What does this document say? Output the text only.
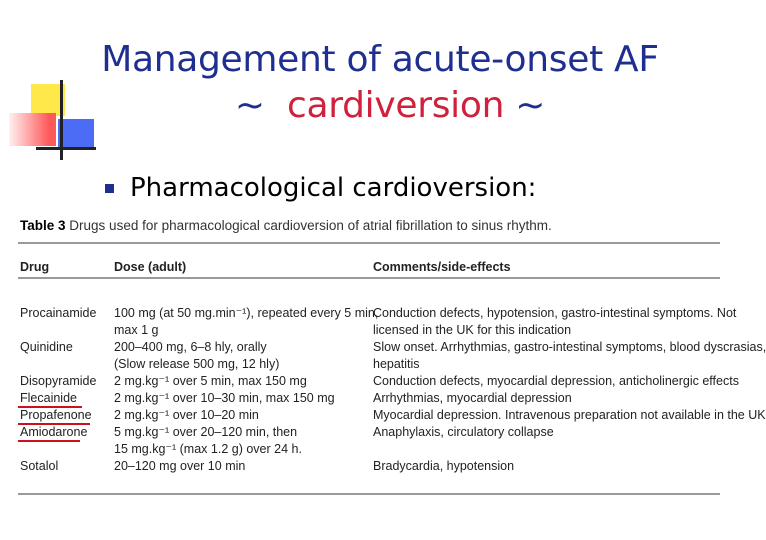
Management of acute-onset AF
~ cardiversion ~
Pharmacological cardioversion:
Table 3 Drugs used for pharmacological cardioversion of atrial fibrillation to sinus rhythm.
Drug	Dose (adult)	Comments/side-effects
Procainamide
Quinidine
Disopyramide
Flecainide
Propafenone
Amiodarone
Sotalol
100 mg (at 50 mg.min⁻¹), repeated every 5 min,
max 1 g
200–400 mg, 6–8 hly, orally
(Slow release 500 mg, 12 hly)
2 mg.kg⁻¹ over 5 min, max 150 mg
2 mg.kg⁻¹ over 10–30 min, max 150 mg
2 mg.kg⁻¹ over 10–20 min
5 mg.kg⁻¹ over 20–120 min, then
15 mg.kg⁻¹ (max 1.2 g) over 24 h.
20–120 mg over 10 min
Conduction defects, hypotension, gastro-intestinal symptoms. Not
licensed in the UK for this indication
Slow onset. Arrhythmias, gastro-intestinal symptoms, blood dyscrasias,
hepatitis
Conduction defects, myocardial depression, anticholinergic effects
Arrhythmias, myocardial depression
Myocardial depression. Intravenous preparation not available in the UK
Anaphylaxis, circulatory collapse
Bradycardia, hypotension
